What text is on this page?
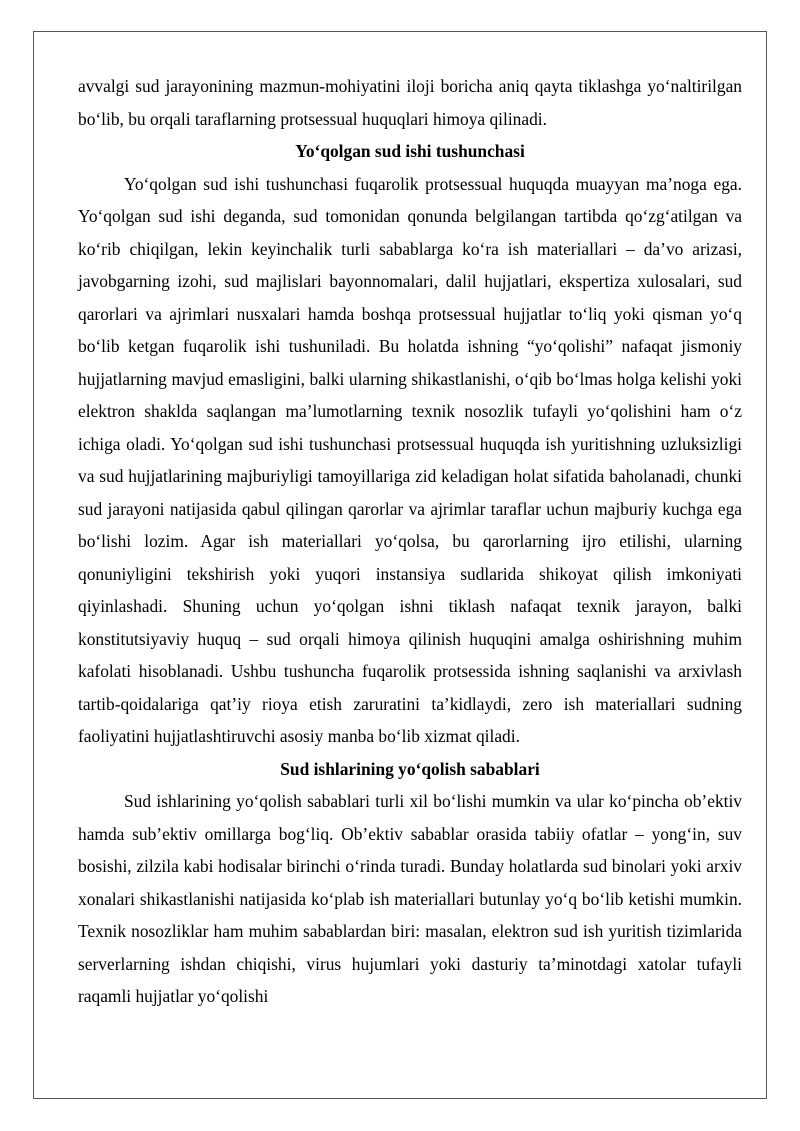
avvalgi sud jarayonining mazmun-mohiyatini iloji boricha aniq qayta tiklashga yo‘naltirilgan bo‘lib, bu orqali taraflarning protsessual huquqlari himoya qilinadi.

Yo‘qolgan sud ishi tushunchasi

Yo‘qolgan sud ishi tushunchasi fuqarolik protsessual huquqda muayyan ma’noga ega. Yo‘qolgan sud ishi deganda, sud tomonidan qonunda belgilangan tartibda qo‘zg‘atilgan va ko‘rib chiqilgan, lekin keyinchalik turli sabablarga ko‘ra ish materiallari – da’vo arizasi, javobgarning izohi, sud majlislari bayonnomalari, dalil hujjatlari, ekspertiza xulosalari, sud qarorlari va ajrimlari nusxalari hamda boshqa protsessual hujjatlar to‘liq yoki qisman yo‘q bo‘lib ketgan fuqarolik ishi tushuniladi. Bu holatda ishning “yo‘qolishi” nafaqat jismoniy hujjatlarning mavjud emasligini, balki ularning shikastlanishi, o‘qib bo‘lmas holga kelishi yoki elektron shaklda saqlangan ma’lumotlarning texnik nosozlik tufayli yo‘qolishini ham o‘z ichiga oladi. Yo‘qolgan sud ishi tushunchasi protsessual huquqda ish yuritishning uzluksizligi va sud hujjatlarining majburiyligi tamoyillariga zid keladigan holat sifatida baholanadi, chunki sud jarayoni natijasida qabul qilingan qarorlar va ajrimlar taraflar uchun majburiy kuchga ega bo‘lishi lozim. Agar ish materiallari yo‘qolsa, bu qarorlarning ijro etilishi, ularning qonuniyligini tekshirish yoki yuqori instansiya sudlarida shikoyat qilish imkoniyati qiyinlashadi. Shuning uchun yo‘qolgan ishni tiklash nafaqat texnik jarayon, balki konstitutsiyaviy huquq – sud orqali himoya qilinish huquqini amalga oshirishning muhim kafolati hisoblanadi. Ushbu tushuncha fuqarolik protsessida ishning saqlanishi va arxivlash tartib-qoidalariga qat’iy rioya etish zaruratini ta’kidlaydi, zero ish materiallari sudning faoliyatini hujjatlashtiruvchi asosiy manba bo‘lib xizmat qiladi.

Sud ishlarining yo‘qolish sabablari

Sud ishlarining yo‘qolish sabablari turli xil bo‘lishi mumkin va ular ko‘pincha ob’ektiv hamda sub’ektiv omillarga bog‘liq. Ob’ektiv sabablar orasida tabiiy ofatlar – yong‘in, suv bosishi, zilzila kabi hodisalar birinchi o‘rinda turadi. Bunday holatlarda sud binolari yoki arxiv xonalari shikastlanishi natijasida ko‘plab ish materiallari butunlay yo‘q bo‘lib ketishi mumkin. Texnik nosozliklar ham muhim sabablardan biri: masalan, elektron sud ish yuritish tizimlarida serverlarning ishdan chiqishi, virus hujumlari yoki dasturiy ta’minotdagi xatolar tufayli raqamli hujjatlar yo‘qolishi
